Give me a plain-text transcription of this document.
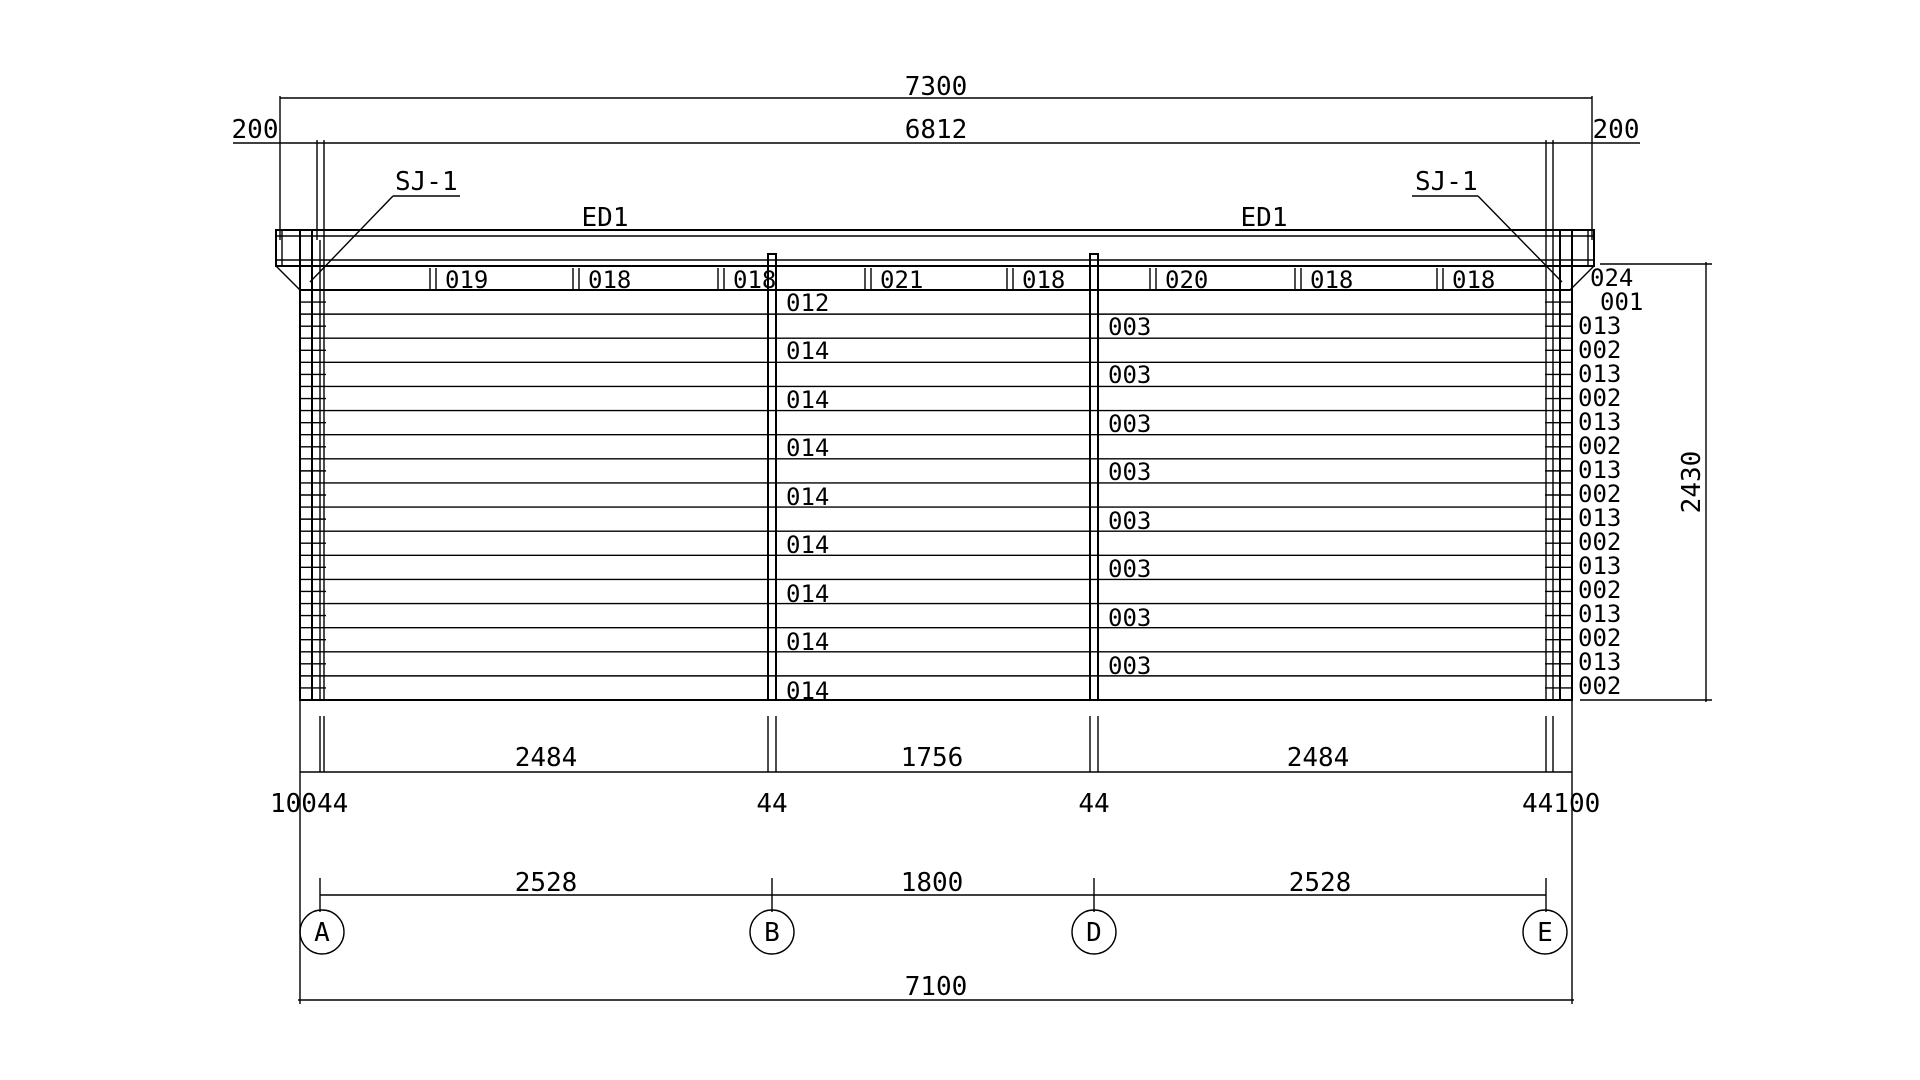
7300
6812
200	200
SJ-1	SJ-1
ED1	ED1
019	018	018	021	018	020	018	018
012
014
014
014
014
014
014
014
014
003
003
003
003
003
003
003
003
024
001
013
002
013
002
013
002
013
002
013
002
013
002
013
002
013
002
2430
2484	1756	2484
10044	44	44	44100
2528	1800	2528
A	B	D	E
7100
